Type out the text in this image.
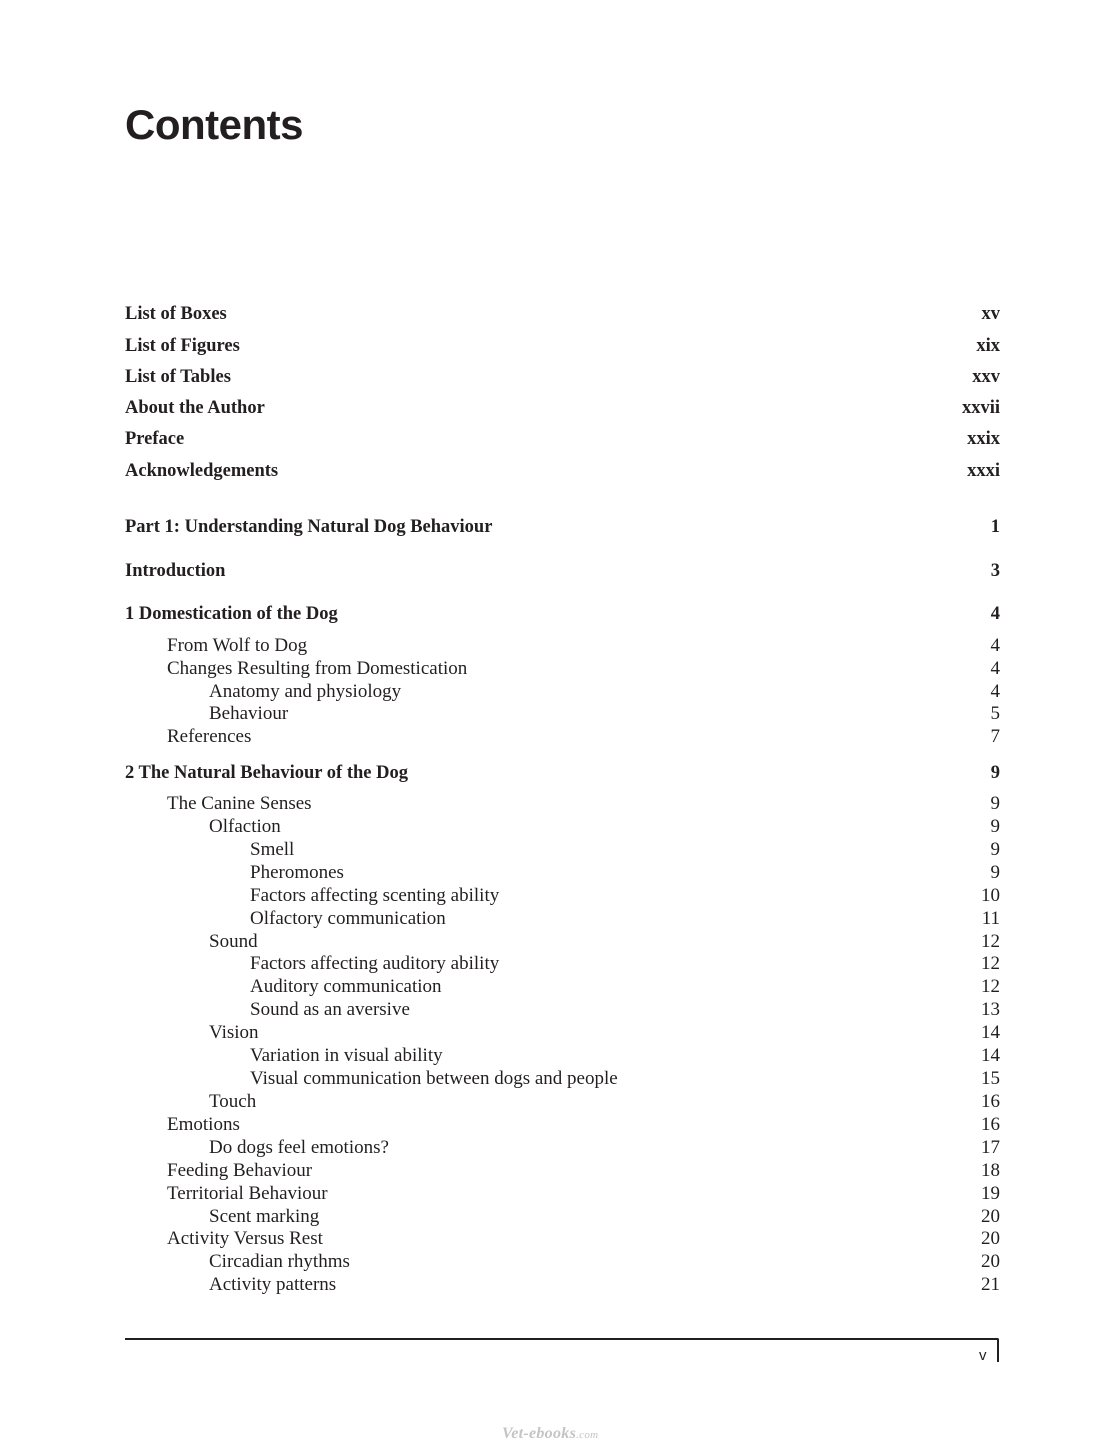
Contents
List of Boxes	xv
List of Figures	xix
List of Tables	xxv
About the Author	xxvii
Preface	xxix
Acknowledgements	xxxi
Part 1: Understanding Natural Dog Behaviour	1
Introduction	3
1 Domestication of the Dog	4
From Wolf to Dog	4
Changes Resulting from Domestication	4
Anatomy and physiology	4
Behaviour	5
References	7
2 The Natural Behaviour of the Dog	9
The Canine Senses	9
Olfaction	9
Smell	9
Pheromones	9
Factors affecting scenting ability	10
Olfactory communication	11
Sound	12
Factors affecting auditory ability	12
Auditory communication	12
Sound as an aversive	13
Vision	14
Variation in visual ability	14
Visual communication between dogs and people	15
Touch	16
Emotions	16
Do dogs feel emotions?	17
Feeding Behaviour	18
Territorial Behaviour	19
Scent marking	20
Activity Versus Rest	20
Circadian rhythms	20
Activity patterns	21
v
Vet-ebooks.com
